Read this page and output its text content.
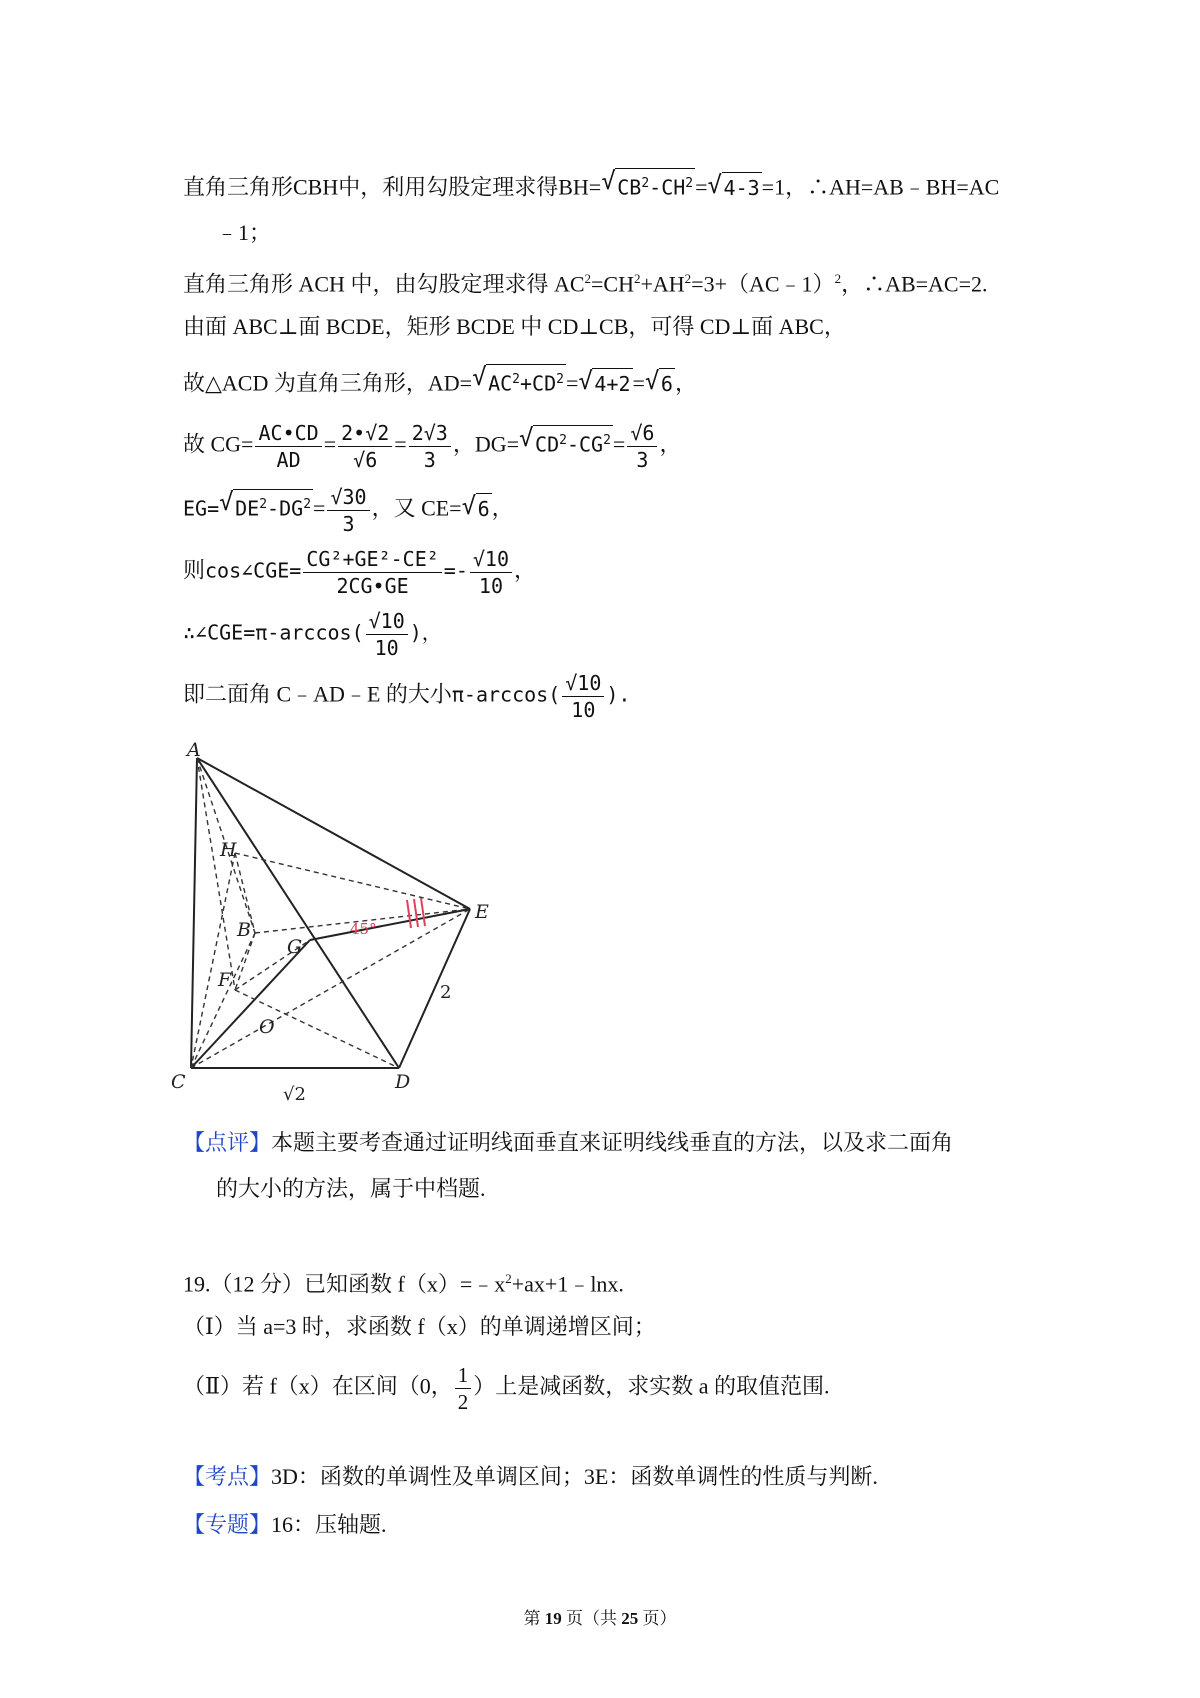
直角三角形CBH中，利用勾股定理求得BH=√ $CB^2-CH^2=√$ 4-3=1，∴AH=AB﹣BH=AC
﹣1；
直角三角形 ACH 中，由勾股定理求得 $AC^2=CH^2+AH^2=3+(AC﹣1)^2$，∴AB=AC=2.
由面 ABC⊥面 BCDE，矩形 BCDE 中 CD⊥CB，可得 CD⊥面 ABC，
故△ACD 为直角三角形，AD=√ $AC^2+CD^2=√$ 4+2=√ 6，
故 $CG= \frac{AC•CD}{AD} = \frac{2•√2}{√6} = \frac{2√3}{3}$ ，DG=√ $CD^2-CG^2= \frac{√6}{3}$ ，
EG=√ $DE^2-DG^2= \frac{√30}{3}$ ，又 CE=√ 6，
则cos∠CGE= $\frac{\text{CG²+GE²-CE²}}{2CG•GE} =- \frac{√10}{10}$ ，
∴∠CGE=π-arccos( $\frac{√10}{10}$ )，
即二面角 C﹣AD﹣E 的大小$\pi-\arccos( \frac{√10}{10}$ ).
A
H
B
G
E
F
O
C	D
45°
2
√2
【点评】本题主要考查通过证明线面垂直来证明线线垂直的方法，以及求二面角
的大小的方法，属于中档题.
19.（12 分）已知函数 $f(x)=﹣x^2+ax+1﹣\ln x$.
（Ⅰ）当 a=3 时，求函数 f（x）的单调递增区间；
（Ⅱ）若 f（x）在区间（0， $\frac{1}{2}$ ）上是减函数，求实数 a 的取值范围.
【考点】3D：函数的单调性及单调区间；3E：函数单调性的性质与判断.
【专题】16：压轴题.
第 19 页（共 25 页）
